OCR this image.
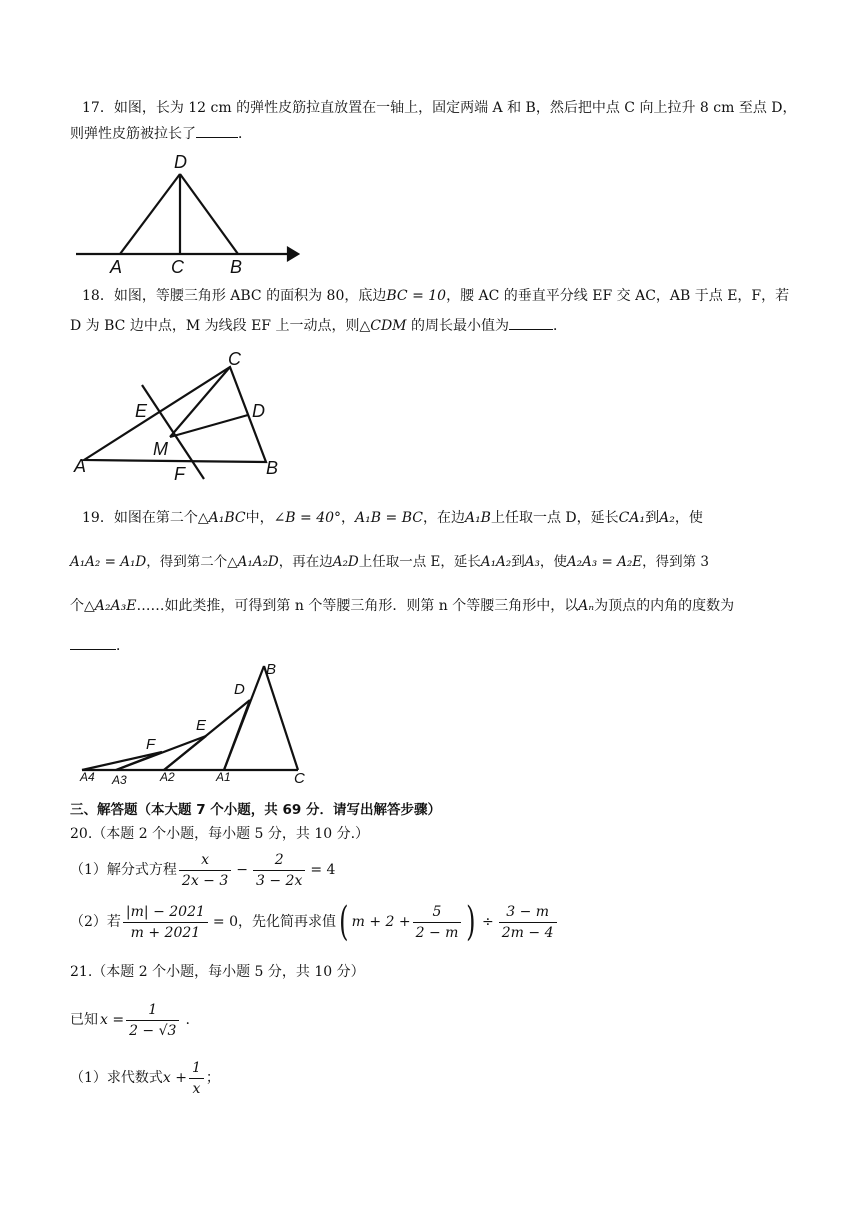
17．如图，长为 12 cm 的弹性皮筋拉直放置在一轴上，固定两端 A 和 B，然后把中点 C 向上拉升 8 cm 至点 D，
则弹性皮筋被拉长了	．
D
A	C	B
18．如图，等腰三角形 ABC 的面积为 80，底边BC = 10，腰 AC 的垂直平分线 EF 交 AC，AB 于点 E，F，若
D 为 BC 边中点，M 为线段 EF 上一动点，则△CDM 的周长最小值为	．
C
E	D
M
A	F	B
19．如图在第二个△A₁BC中，∠B = 40°，A₁B = BC，在边A₁B上任取一点 D，延长CA₁到A₂，使
A₁A₂ = A₁D，得到第二个△A₁A₂D，再在边A₂D上任取一点 E，延长A₁A₂到A₃，使A₂A₃ = A₂E，得到第 3
个△A₂A₃E……如此类推，可得到第 n 个等腰三角形．则第 n 个等腰三角形中，以Aₙ为顶点的内角的度数为
．
B
D
E
F
A4 A3	A2	A1	C
三、解答题（本大题 7 个小题，共 69 分．请写出解答步骤）
20.（本题 2 个小题，每小题 5 分，共 10 分.）
（1）解分式方程 $\frac{x}{2x - 3} - \frac{2}{3 - 2x} = 4$
（2）若 $\frac{|m| - 2021}{m + 2021} = 0$ ，先化简再求值 ( $m + 2 + \frac{5}{2 - m}$ ) ÷ $\frac{3 - m}{2m - 4}$
21.（本题 2 个小题，每小题 5 分，共 10 分）
已知 $x = \frac{1}{2 - √3}$ .
（1）求代数式 $x + \frac{1}{x}$ ；
